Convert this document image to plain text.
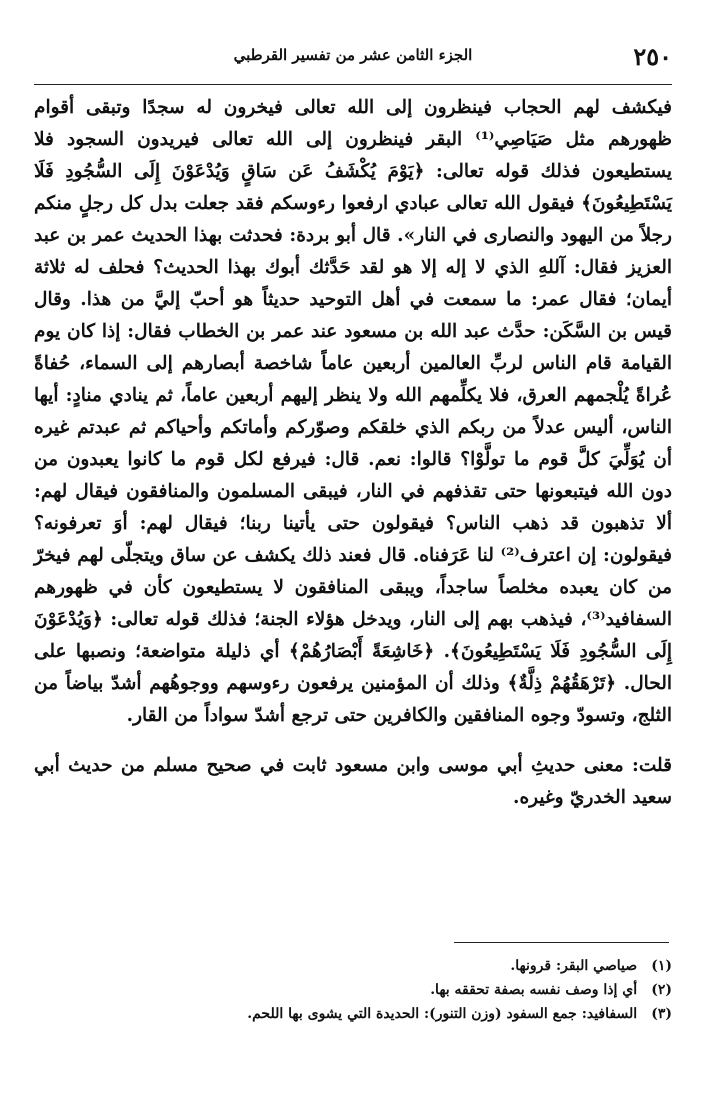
٢٥٠
الجزء الثامن عشر من تفسير القرطبي

فيكشف لهم الحجاب فينظرون إلى الله تعالى فيخرون له سجدًا وتبقى أقوام ظهورهم مثل صَيَاصِي⁽¹⁾ البقر فينظرون إلى الله تعالى فيريدون السجود فلا يستطيعون فذلك قوله تعالى: ﴿يَوْمَ يُكْشَفُ عَن سَاقٍ وَيُدْعَوْنَ إِلَى السُّجُودِ فَلَا يَسْتَطِيعُونَ﴾ فيقول الله تعالى عبادي ارفعوا رءوسكم فقد جعلت بدل كل رجلٍ منكم رجلاً من اليهود والنصارى في النار». قال أبو بردة: فحدثت بهذا الحديث عمر بن عبد العزيز فقال: آللهِ الذي لا إله إلا هو لقد حَدَّثك أبوك بهذا الحديث؟ فحلف له ثلاثة أيمان؛ فقال عمر: ما سمعت في أهل التوحيد حديثاً هو أحبّ إليَّ من هذا. وقال قيس بن السَّكَن: حدَّث عبد الله بن مسعود عند عمر بن الخطاب فقال: إذا كان يوم القيامة قام الناس لربِّ العالمين أربعين عاماً شاخصة أبصارهم إلى السماء، حُفاةً عُراةً يُلْجمهم العرق، فلا يكلِّمهم الله ولا ينظر إليهم أربعين عاماً، ثم ينادي منادٍ: أيها الناس، أليس عدلاً من ربكم الذي خلقكم وصوّركم وأماتكم وأحياكم ثم عبدتم غيره أن يُوَلِّيَ كلَّ قوم ما تولَّوْا؟ قالوا: نعم. قال: فيرفع لكل قوم ما كانوا يعبدون من دون الله فيتبعونها حتى تقذفهم في النار، فيبقى المسلمون والمنافقون فيقال لهم: ألا تذهبون قد ذهب الناس؟ فيقولون حتى يأتينا ربنا؛ فيقال لهم: أوَ تعرفونه؟ فيقولون: إن اعترف⁽²⁾ لنا عَرَفناه. قال فعند ذلك يكشف عن ساق ويتجلّى لهم فيخرّ من كان يعبده مخلصاً ساجداً، ويبقى المنافقون لا يستطيعون كأن في ظهورهم السفافيد⁽³⁾، فيذهب بهم إلى النار، ويدخل هؤلاء الجنة؛ فذلك قوله تعالى: ﴿وَيُدْعَوْنَ إِلَى السُّجُودِ فَلَا يَسْتَطِيعُونَ﴾. ﴿خَاشِعَةً أَبْصَارُهُمْ﴾ أي ذليلة متواضعة؛ ونصبها على الحال. ﴿تَرْهَقُهُمْ ذِلَّةٌ﴾ وذلك أن المؤمنين يرفعون رءوسهم ووجوهُهم أشدّ بياضاً من الثلج، وتسودّ وجوه المنافقين والكافرين حتى ترجع أشدّ سواداً من القار.

قلت: معنى حديثِ أبي موسى وابن مسعود ثابت في صحيح مسلم من حديث أبي سعيد الخدريّ وغيره.

(١) صياصي البقر: قرونها.
(٢) أي إذا وصف نفسه بصفة تحققه بها.
(٣) السفافيد: جمع السفود (وزن التنور): الحديدة التي يشوى بها اللحم.
